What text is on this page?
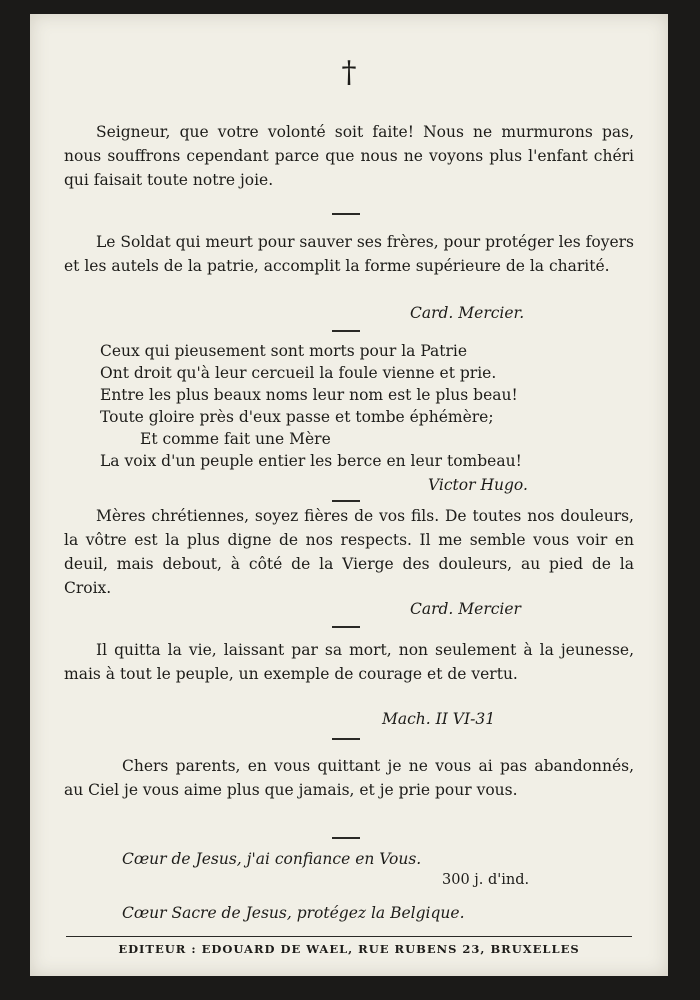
†

Seigneur, que votre volonté soit faite! Nous ne murmurons pas, nous souffrons cependant parce que nous ne voyons plus l'enfant chéri qui faisait toute notre joie.

Le Soldat qui meurt pour sauver ses frères, pour protéger les foyers et les autels de la patrie, accomplit la forme supérieure de la charité.

Card. Mercier.
Ceux qui pieusement sont morts pour la Patrie
Ont droit qu'à leur cercueil la foule vienne et prie.
Entre les plus beaux noms leur nom est le plus beau!
Toute gloire près d'eux passe et tombe éphémère;
Et comme fait une Mère
La voix d'un peuple entier les berce en leur tombeau!
Victor Hugo.

Mères chrétiennes, soyez fières de vos fils. De toutes nos douleurs, la vôtre est la plus digne de nos respects. Il me semble vous voir en deuil, mais debout, à côté de la Vierge des douleurs, au pied de la Croix.

Card. Mercier

Il quitta la vie, laissant par sa mort, non seulement à la jeunesse, mais à tout le peuple, un exemple de courage et de vertu.

Mach. II VI-31

Chers parents, en vous quittant je ne vous ai pas abandonnés, au Ciel je vous aime plus que jamais, et je prie pour vous.

Cœur de Jesus, j'ai confiance en Vous.
300 j. d'ind.
Cœur Sacre de Jesus, protégez la Belgique.
EDITEUR : EDOUARD DE WAEL, RUE RUBENS 23, BRUXELLES
